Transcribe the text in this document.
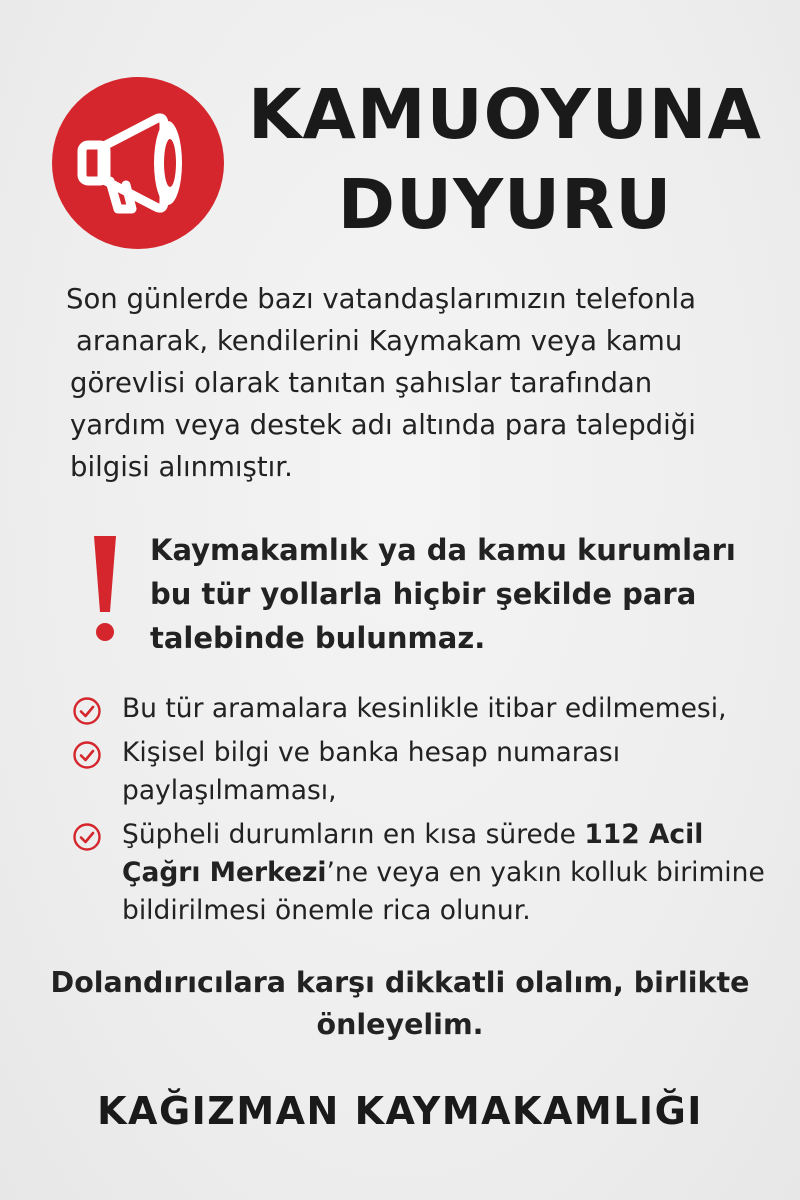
KAMUOYUNA
DUYURU
Son günlerde bazı vatandaşlarımızın telefonla
aranarak, kendilerini Kaymakam veya kamu
görevlisi olarak tanıtan şahıslar tarafından
yardım veya destek adı altında para talepdiği
bilgisi alınmıştır.
Kaymakamlık ya da kamu kurumları
bu tür yollarla hiçbir şekilde para
talebinde bulunmaz.
Bu tür aramalara kesinlikle itibar edilmemesi,
Kişisel bilgi ve banka hesap numarası
paylaşılmaması,
Şüpheli durumların en kısa sürede 112 Acil
Çağrı Merkezi’ne veya en yakın kolluk birimine
bildirilmesi önemle rica olunur.
Dolandırıcılara karşı dikkatli olalım, birlikte
önleyelim.
KAĞIZMAN KAYMAKAMLIĞI
